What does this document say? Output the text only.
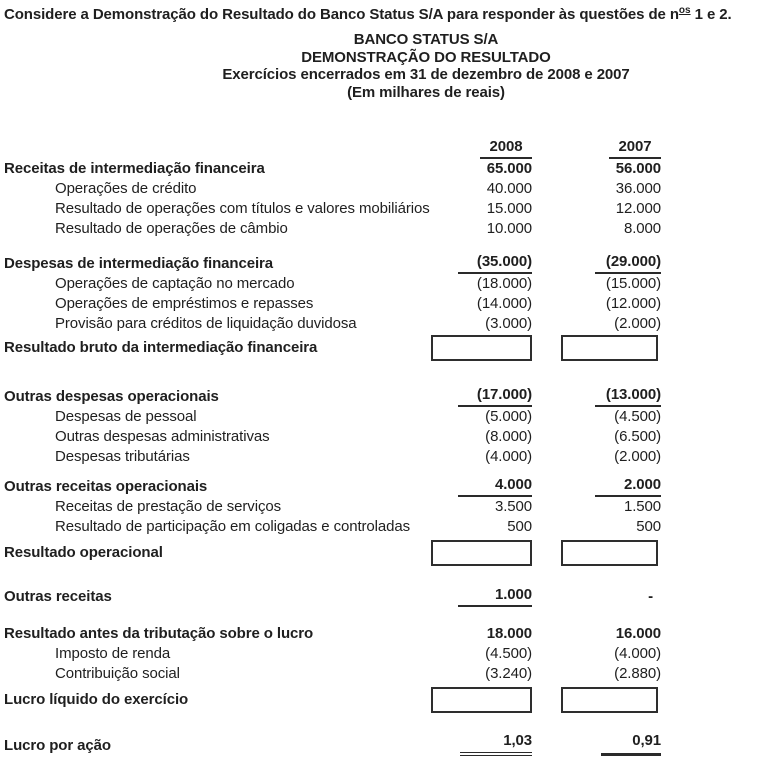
Considere a Demonstração do Resultado do Banco Status S/A para responder às questões de $n^{os}$ 1 e 2.
BANCO STATUS S/A
DEMONSTRAÇÃO DO RESULTADO
Exercícios encerrados em 31 de dezembro de 2008 e 2007
(Em milhares de reais)
2008	2007
Receitas de intermediação financeira	65.000	56.000
Operações de crédito	40.000	36.000
Resultado de operações com títulos e valores mobiliários	15.000	12.000
Resultado de operações de câmbio	10.000	8.000
Despesas de intermediação financeira	(35.000)	(29.000)
Operações de captação no mercado	(18.000)	(15.000)
Operações de empréstimos e repasses	(14.000)	(12.000)
Provisão para créditos de liquidação duvidosa	(3.000)	(2.000)
Resultado bruto da intermediação financeira
Outras despesas operacionais	(17.000)	(13.000)
Despesas de pessoal	(5.000)	(4.500)
Outras despesas administrativas	(8.000)	(6.500)
Despesas tributárias	(4.000)	(2.000)
Outras receitas operacionais	4.000	2.000
Receitas de prestação de serviços	3.500	1.500
Resultado de participação em coligadas e controladas	500	500
Resultado operacional
Outras receitas	1.000	-
Resultado antes da tributação sobre o lucro	18.000	16.000
Imposto de renda	(4.500)	(4.000)
Contribuição social	(3.240)	(2.880)
Lucro líquido do exercício
Lucro por ação	1,03	0,91
